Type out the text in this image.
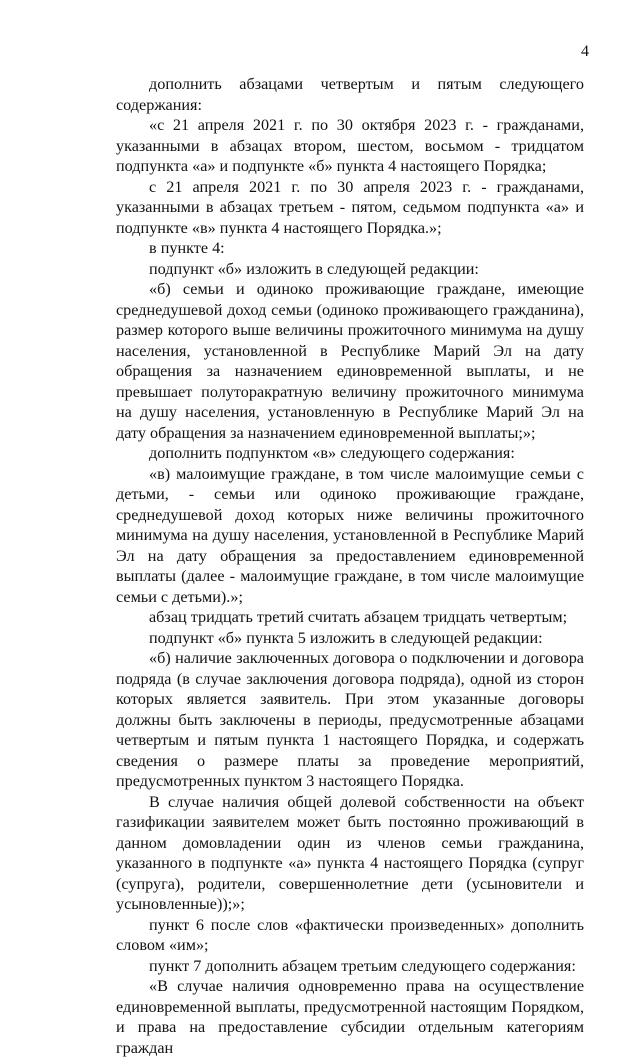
4

дополнить абзацами четвертым и пятым следующего содержания:

«с 21 апреля 2021 г. по 30 октября 2023 г. - гражданами, указанными в абзацах втором, шестом, восьмом - тридцатом подпункта «а» и подпункте «б» пункта 4 настоящего Порядка;

с 21 апреля 2021 г. по 30 апреля 2023 г. - гражданами, указанными в абзацах третьем - пятом, седьмом подпункта «а» и подпункте «в» пункта 4 настоящего Порядка.»;

в пункте 4:

подпункт «б» изложить в следующей редакции:

«б) семьи и одиноко проживающие граждане, имеющие среднедушевой доход семьи (одиноко проживающего гражданина), размер которого выше величины прожиточного минимума на душу населения, установленной в Республике Марий Эл на дату обращения за назначением единовременной выплаты, и не превышает полуторакратную величину прожиточного минимума на душу населения, установленную в Республике Марий Эл на дату обращения за назначением единовременной выплаты;»;

дополнить подпунктом «в» следующего содержания:

«в) малоимущие граждане, в том числе малоимущие семьи с детьми, - семьи или одиноко проживающие граждане, среднедушевой доход которых ниже величины прожиточного минимума на душу населения, установленной в Республике Марий Эл на дату обращения за предоставлением единовременной выплаты (далее - малоимущие граждане, в том числе малоимущие семьи с детьми).»;

абзац тридцать третий считать абзацем тридцать четвертым;

подпункт «б» пункта 5 изложить в следующей редакции:

«б) наличие заключенных договора о подключении и договора подряда (в случае заключения договора подряда), одной из сторон которых является заявитель. При этом указанные договоры должны быть заключены в периоды, предусмотренные абзацами четвертым и пятым пункта 1 настоящего Порядка, и содержать сведения о размере платы за проведение мероприятий, предусмотренных пунктом 3 настоящего Порядка.

В случае наличия общей долевой собственности на объект газификации заявителем может быть постоянно проживающий в данном домовладении один из членов семьи гражданина, указанного в подпункте «а» пункта 4 настоящего Порядка (супруг (супруга), родители, совершеннолетние дети (усыновители и усыновленные));»;

пункт 6 после слов «фактически произведенных» дополнить словом «им»;

пункт 7 дополнить абзацем третьим следующего содержания:

«В случае наличия одновременно права на осуществление единовременной выплаты, предусмотренной настоящим Порядком, и права на предоставление субсидии отдельным категориям граждан
